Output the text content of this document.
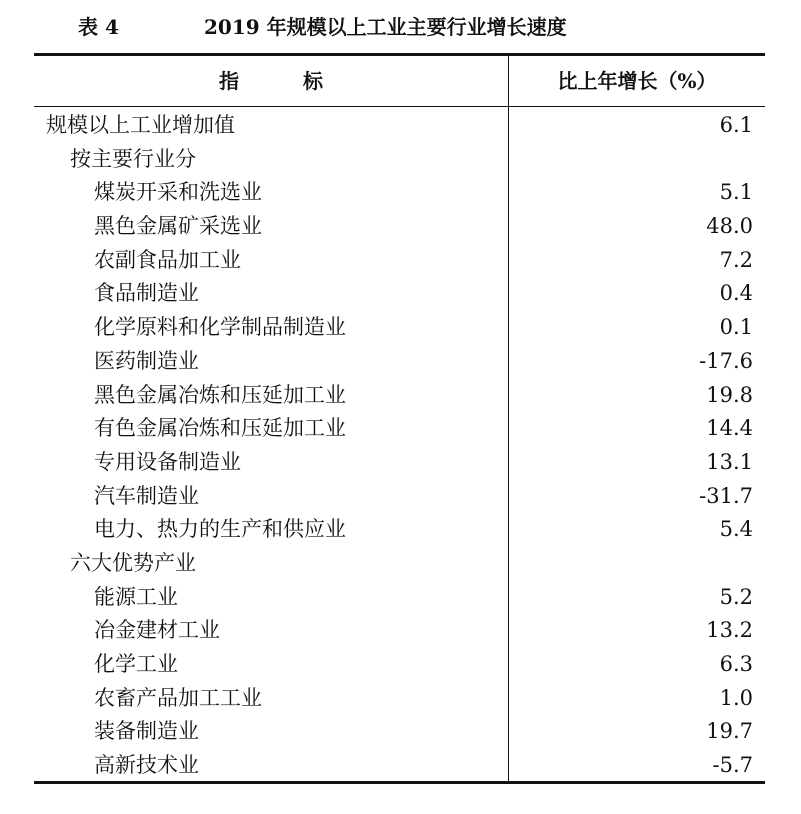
表 4	2019 年规模以上工业主要行业增长速度
指标	比上年增长（%）
规模以上工业增加值	6.1
按主要行业分
煤炭开采和洗选业	5.1
黑色金属矿采选业	48.0
农副食品加工业	7.2
食品制造业	0.4
化学原料和化学制品制造业	0.1
医药制造业	-17.6
黑色金属冶炼和压延加工业	19.8
有色金属冶炼和压延加工业	14.4
专用设备制造业	13.1
汽车制造业	-31.7
电力、热力的生产和供应业	5.4
六大优势产业
能源工业	5.2
冶金建材工业	13.2
化学工业	6.3
农畜产品加工工业	1.0
装备制造业	19.7
高新技术业	-5.7
